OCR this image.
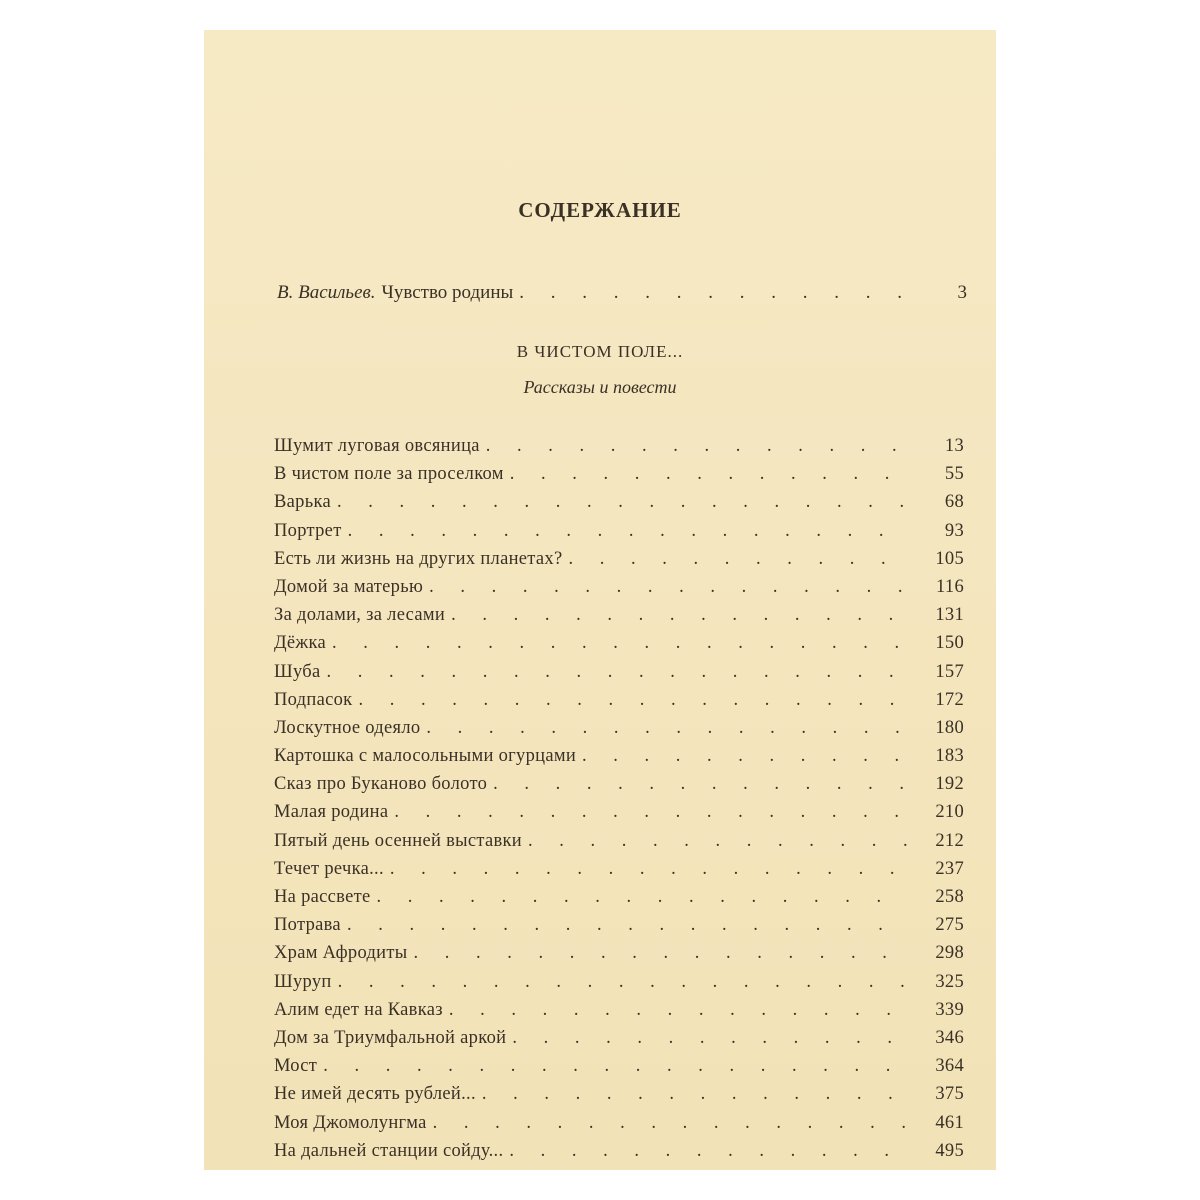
СОДЕРЖАНИЕ
В. Васильев. Чувство родины . . .	3
В ЧИСТОМ ПОЛЕ...
Рассказы и повести
Шумит луговая овсяница . . .	13
В чистом поле за проселком . . .	55
Варька . . .	68
Портрет . . .	93
Есть ли жизнь на других планетах? . . .	105
Домой за матерью . . .	116
За долами, за лесами . . .	131
Дёжка . . .	150
Шуба . . .	157
Подпасок . . .	172
Лоскутное одеяло . . .	180
Картошка с малосольными огурцами . . .	183
Сказ про Буканово болото . . .	192
Малая родина . . .	210
Пятый день осенней выставки . . .	212
Течет речка... . . .	237
На рассвете . . .	258
Потрава . . .	275
Храм Афродиты . . .	298
Шуруп . . .	325
Алим едет на Кавказ . . .	339
Дом за Триумфальной аркой . . .	346
Мост . . .	364
Не имей десять рублей... . . .	375
Моя Джомолунгма . . .	461
На дальней станции сойду... . . .	495
